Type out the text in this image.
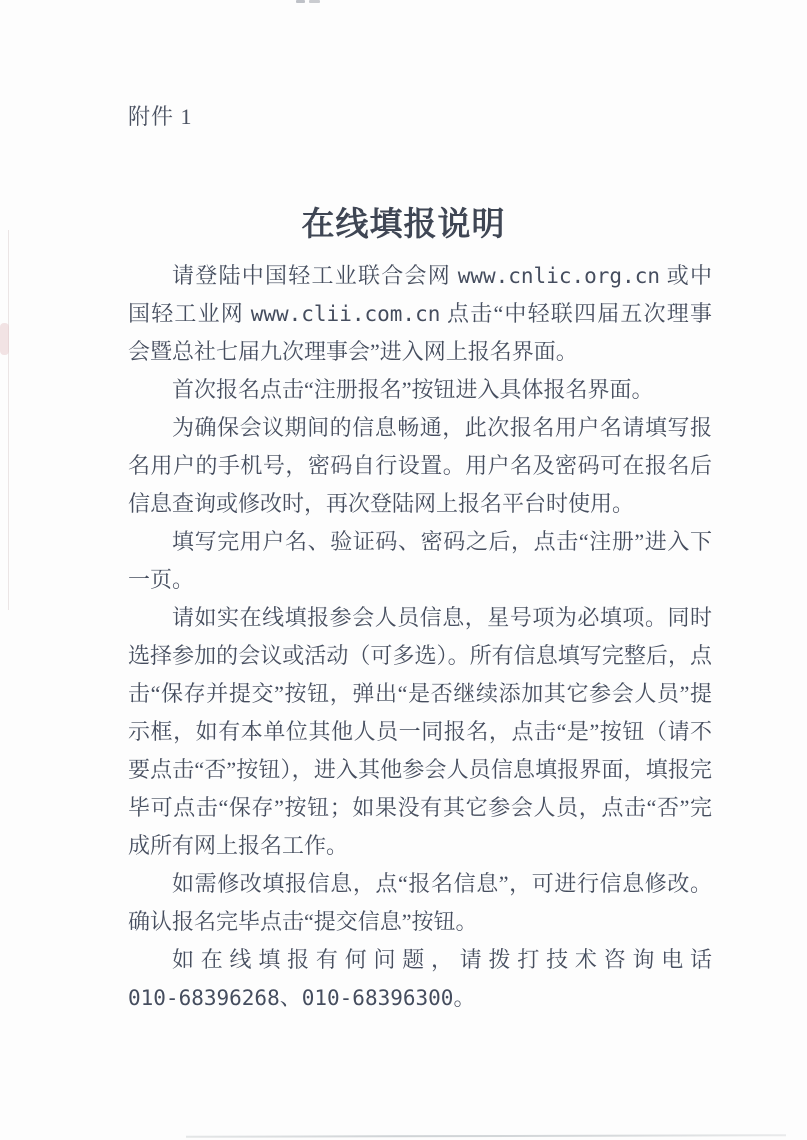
附件 1
在线填报说明

请登陆中国轻工业联合会网 www.cnlic.org.cn 或中国轻工业网 www.clii.com.cn 点击“中轻联四届五次理事会暨总社七届九次理事会”进入网上报名界面。

首次报名点击“注册报名”按钮进入具体报名界面。

为确保会议期间的信息畅通，此次报名用户名请填写报名用户的手机号，密码自行设置。用户名及密码可在报名后信息查询或修改时，再次登陆网上报名平台时使用。

填写完用户名、验证码、密码之后，点击“注册”进入下一页。

请如实在线填报参会人员信息，星号项为必填项。同时选择参加的会议或活动（可多选）。所有信息填写完整后，点击“保存并提交”按钮，弹出“是否继续添加其它参会人员”提示框，如有本单位其他人员一同报名，点击“是”按钮（请不要点击“否”按钮），进入其他参会人员信息填报界面，填报完毕可点击“保存”按钮；如果没有其它参会人员，点击“否”完成所有网上报名工作。

如需修改填报信息，点“报名信息”，可进行信息修改。确认报名完毕点击“提交信息”按钮。

如在线填报有何问题，请拨打技术咨询电话

010-68396268、010-68396300。
